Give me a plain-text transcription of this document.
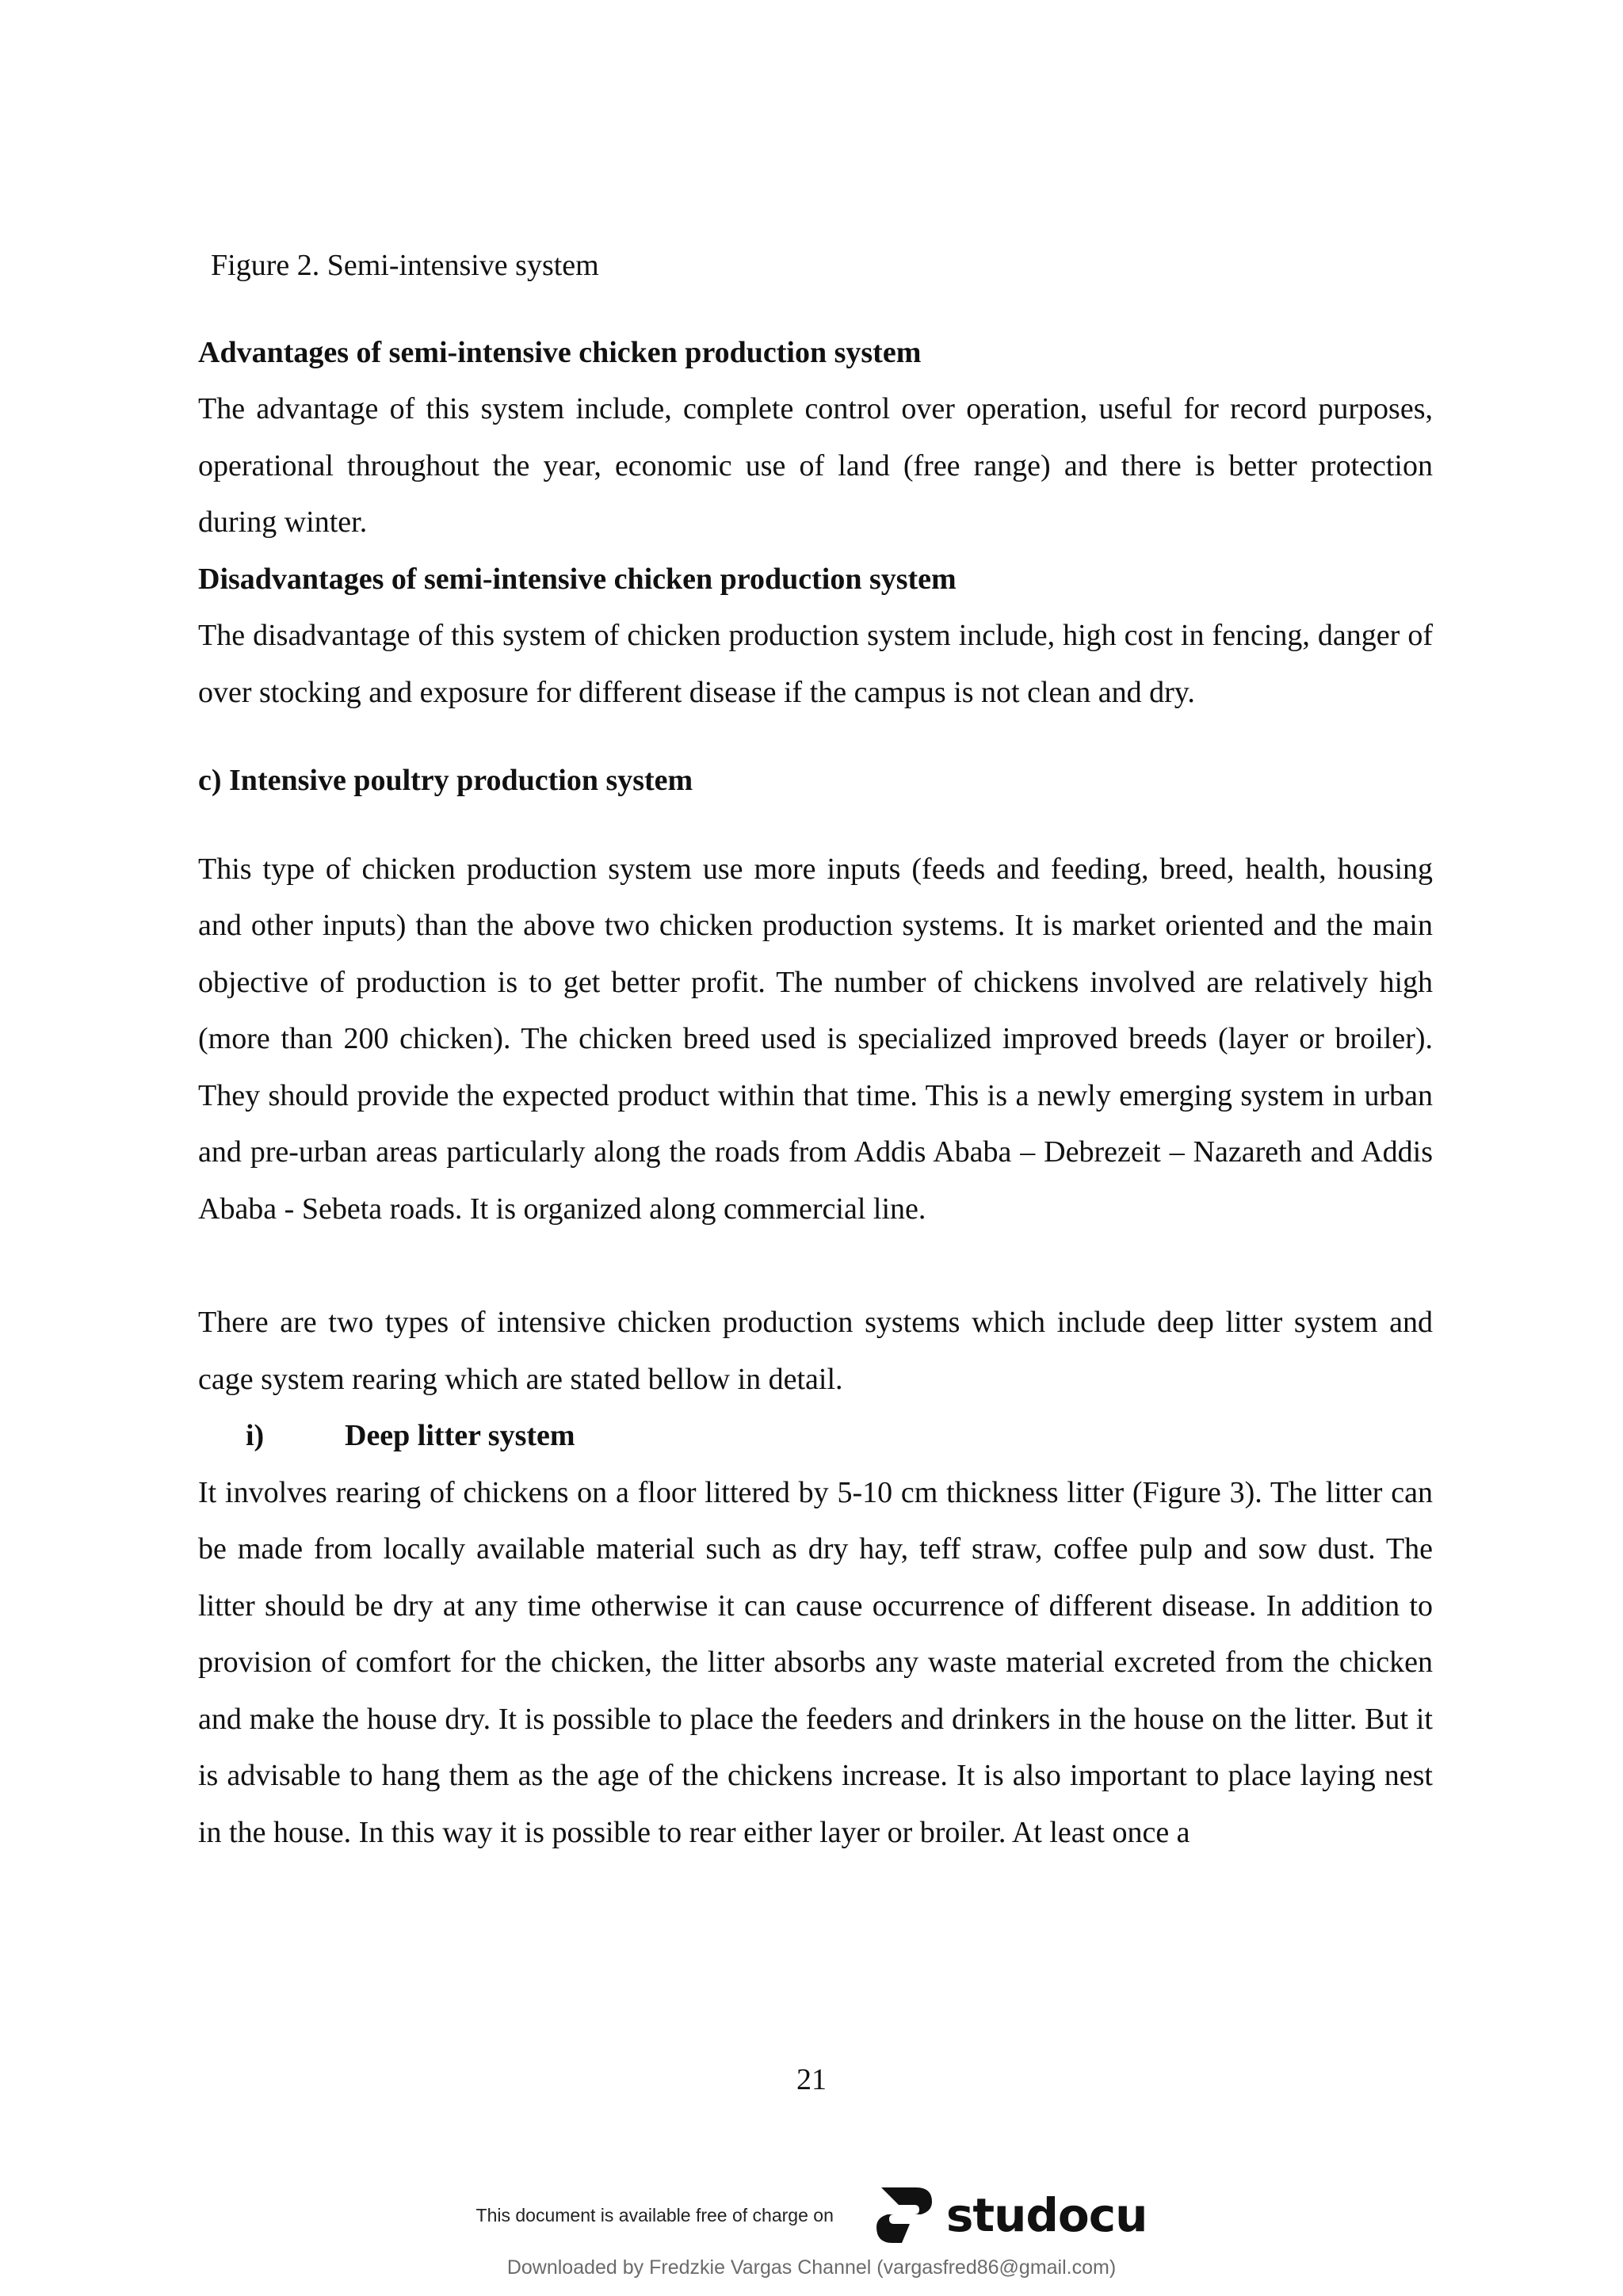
Figure 2. Semi-intensive system

Advantages of semi-intensive chicken production system

The advantage of this system include, complete control over operation, useful for record purposes, operational throughout the year, economic use of land (free range) and there is better protection during winter.

Disadvantages of semi-intensive chicken production system

The disadvantage of this system of chicken production system include, high cost in fencing, danger of over stocking and exposure for different disease if the campus is not clean and dry.

c) Intensive poultry production system

This type of chicken production system use more inputs (feeds and feeding, breed, health, housing and other inputs) than the above two chicken production systems. It is market oriented and the main objective of production is to get better profit. The number of chickens involved are relatively high (more than 200 chicken). The chicken breed used is specialized improved breeds (layer or broiler). They should provide the expected product within that time. This is a newly emerging system in urban and pre-urban areas particularly along the roads from Addis Ababa – Debrezeit – Nazareth and Addis Ababa - Sebeta roads. It is organized along commercial line.

There are two types of intensive chicken production systems which include deep litter system and cage system rearing which are stated bellow in detail.

i)	Deep litter system

It involves rearing of chickens on a floor littered by 5-10 cm thickness litter (Figure 3). The litter can be made from locally available material such as dry hay, teff straw, coffee pulp and sow dust. The litter should be dry at any time otherwise it can cause occurrence of different disease. In addition to provision of comfort for the chicken, the litter absorbs any waste material excreted from the chicken and make the house dry. It is possible to place the feeders and drinkers in the house on the litter. But it is advisable to hang them as the age of the chickens increase. It is also important to place laying nest in the house. In this way it is possible to rear either layer or broiler. At least once a

21
This document is available free of charge on studocu
Downloaded by Fredzkie Vargas Channel (vargasfred86@gmail.com)
